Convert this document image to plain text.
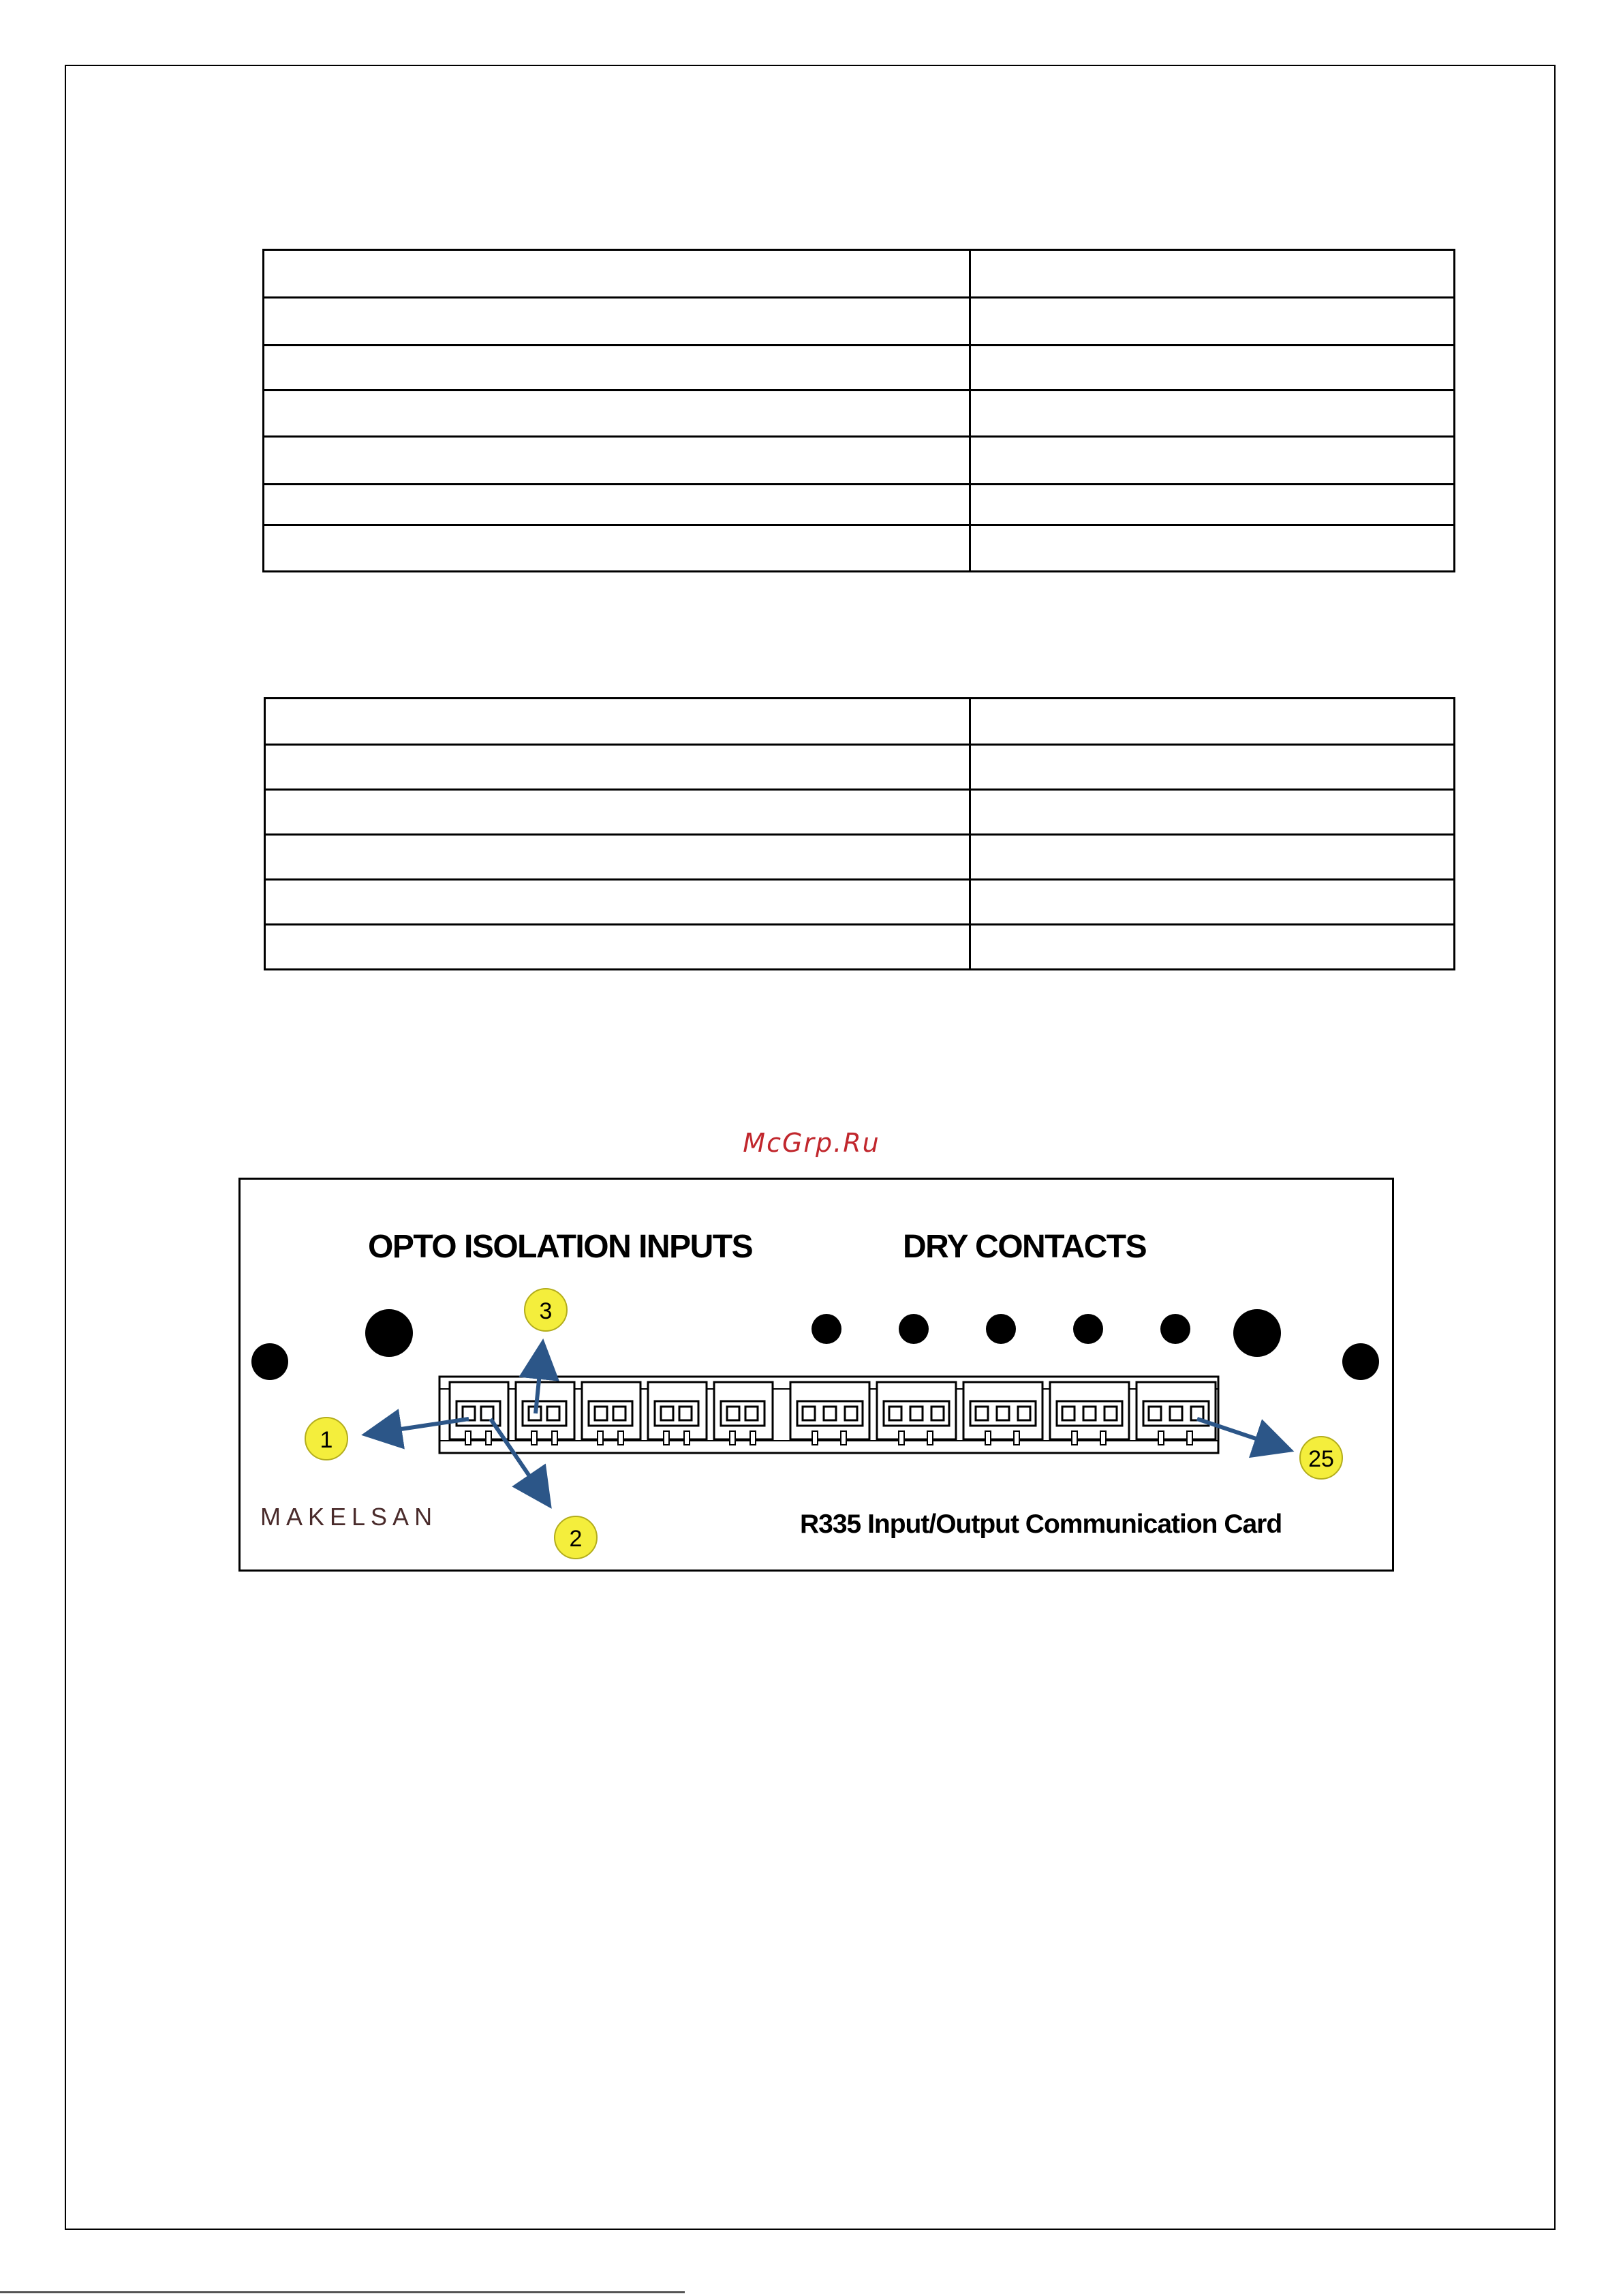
McGrp.Ru
OPTO ISOLATION INPUTS	DRY CONTACTS
1
2
3
25
MAKELSAN	R335 Input/Output Communication Card
